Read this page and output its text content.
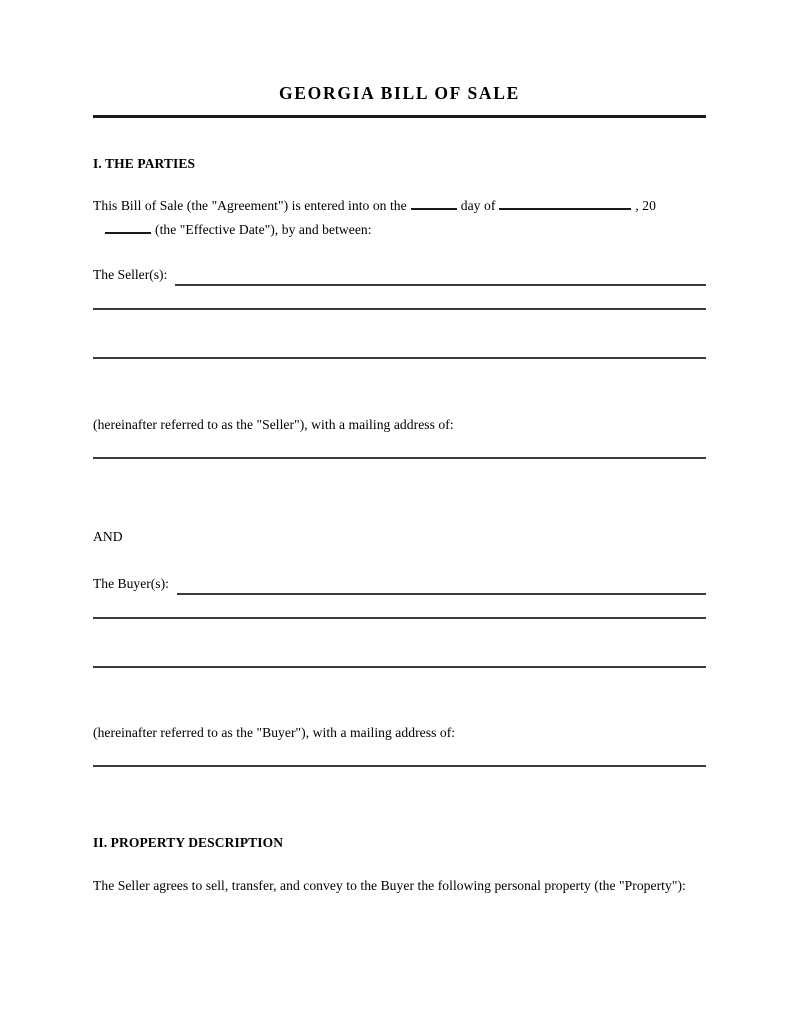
GEORGIA BILL OF SALE
I. THE PARTIES
This Bill of Sale (the "Agreement") is entered into on the	day of	, 20
(the "Effective Date"), by and between:
The Seller(s):
(hereinafter referred to as the "Seller"), with a mailing address of:
AND
The Buyer(s):
(hereinafter referred to as the "Buyer"), with a mailing address of:
II. PROPERTY DESCRIPTION
The Seller agrees to sell, transfer, and convey to the Buyer the following personal property (the "Property"):
